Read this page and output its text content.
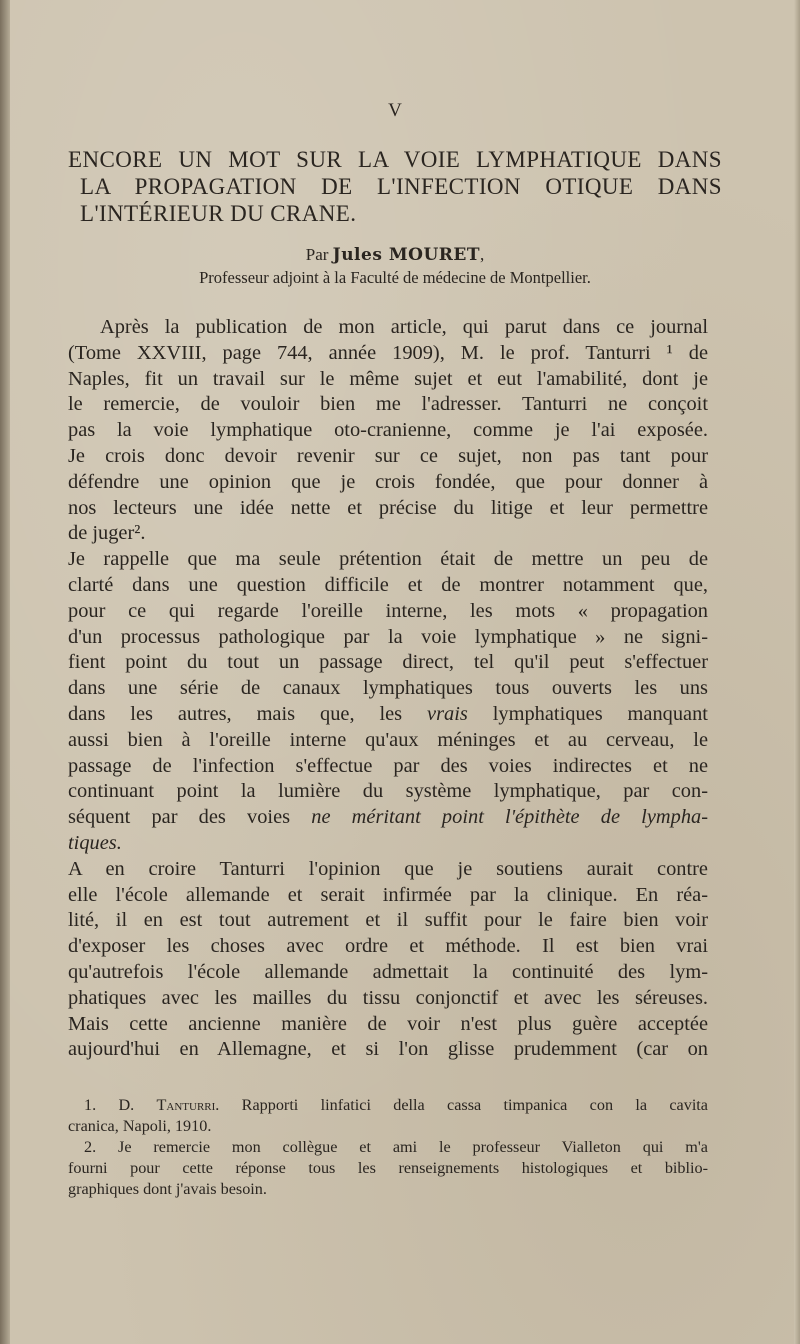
V
ENCORE UN MOT SUR LA VOIE LYMPHATIQUE DANS
LA PROPAGATION DE L'INFECTION OTIQUE DANS
L'INTÉRIEUR DU CRANE.
Par Jules MOURET,
Professeur adjoint à la Faculté de médecine de Montpellier.
Après la publication de mon article, qui parut dans ce journal
(Tome XXVIII, page 744, année 1909), M. le prof. Tanturri ¹ de
Naples, fit un travail sur le même sujet et eut l'amabilité, dont je
le remercie, de vouloir bien me l'adresser. Tanturri ne conçoit
pas la voie lymphatique oto-cranienne, comme je l'ai exposée.
Je crois donc devoir revenir sur ce sujet, non pas tant pour
défendre une opinion que je crois fondée, que pour donner à
nos lecteurs une idée nette et précise du litige et leur permettre
de juger².
Je rappelle que ma seule prétention était de mettre un peu de
clarté dans une question difficile et de montrer notamment que,
pour ce qui regarde l'oreille interne, les mots « propagation
d'un processus pathologique par la voie lymphatique » ne signi-
fient point du tout un passage direct, tel qu'il peut s'effectuer
dans une série de canaux lymphatiques tous ouverts les uns
dans les autres, mais que, les vrais lymphatiques manquant
aussi bien à l'oreille interne qu'aux méninges et au cerveau, le
passage de l'infection s'effectue par des voies indirectes et ne
continuant point la lumière du système lymphatique, par con-
séquent par des voies ne méritant point l'épithète de lympha-
tiques.
A en croire Tanturri l'opinion que je soutiens aurait contre
elle l'école allemande et serait infirmée par la clinique. En réa-
lité, il en est tout autrement et il suffit pour le faire bien voir
d'exposer les choses avec ordre et méthode. Il est bien vrai
qu'autrefois l'école allemande admettait la continuité des lym-
phatiques avec les mailles du tissu conjonctif et avec les séreuses.
Mais cette ancienne manière de voir n'est plus guère acceptée
aujourd'hui en Allemagne, et si l'on glisse prudemment (car on
1. D. Tanturri. Rapporti linfatici della cassa timpanica con la cavita
cranica, Napoli, 1910.
2. Je remercie mon collègue et ami le professeur Vialleton qui m'a
fourni pour cette réponse tous les renseignements histologiques et biblio-
graphiques dont j'avais besoin.
